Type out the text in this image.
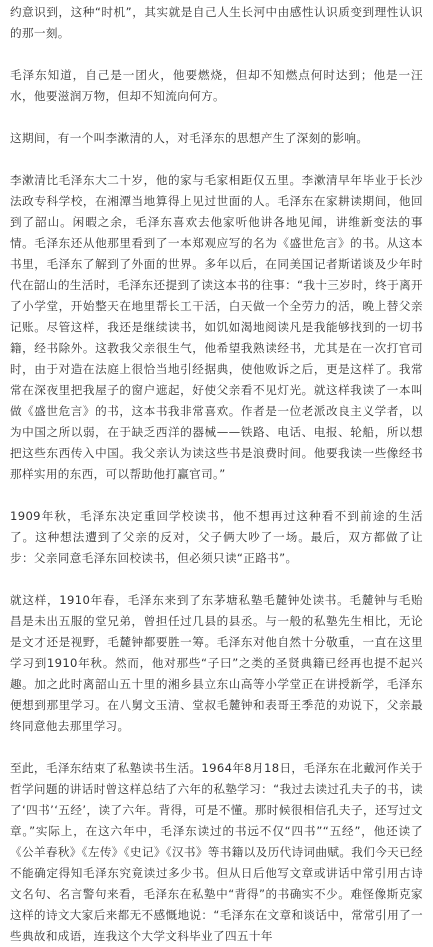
约意识到，这种“时机”，其实就是自己人生长河中由感性认识质变到理性认识的那一刻。

毛泽东知道，自己是一团火，他要燃烧，但却不知燃点何时达到；他是一汪水，他要滋润万物，但却不知流向何方。

这期间，有一个叫李漱清的人，对毛泽东的思想产生了深刻的影响。

李漱清比毛泽东大二十岁，他的家与毛家相距仅五里。李漱清早年毕业于长沙法政专科学校，在湘潭当地算得上见过世面的人。毛泽东在家耕读期间，他回到了韶山。闲暇之余，毛泽东喜欢去他家听他讲各地见闻，讲维新变法的事情。毛泽东还从他那里看到了一本郑观应写的名为《盛世危言》的书。从这本书里，毛泽东了解到了外面的世界。多年以后，在同美国记者斯诺谈及少年时代在韶山的生活时，毛泽东还提到了读这本书的往事：“我十三岁时，终于离开了小学堂，开始整天在地里帮长工干活，白天做一个全劳力的活，晚上替父亲记账。尽管这样，我还是继续读书，如饥如渴地阅读凡是我能够找到的一切书籍，经书除外。这教我父亲很生气，他希望我熟读经书，尤其是在一次打官司时，由于对造在法庭上很恰当地引经据典，使他败诉之后，更是这样了。我常常在深夜里把我屋子的窗户遮起，好使父亲看不见灯光。就这样我读了一本叫做《盛世危言》的书，这本书我非常喜欢。作者是一位老派改良主义学者，以为中国之所以弱，在于缺乏西洋的器械——铁路、电话、电报、轮船，所以想把这些东西传入中国。我父亲认为读这些书是浪费时间。他要我读一些像经书那样实用的东西，可以帮助他打赢官司。”

1909年秋，毛泽东决定重回学校读书，他不想再过这种看不到前途的生活了。这种想法遭到了父亲的反对，父子俩大吵了一场。最后，双方都做了让步：父亲同意毛泽东回校读书，但必须只读“正路书”。

就这样，1910年春，毛泽东来到了东茅塘私塾毛麓钟处读书。毛麓钟与毛贻昌是未出五服的堂兄弟，曾担任过几县的县丞。与一般的私塾先生相比，无论是文才还是视野，毛麓钟都要胜一筹。毛泽东对他自然十分敬重，一直在这里学习到1910年秋。然而，他对那些“子曰”之类的圣贤典籍已经再也提不起兴趣。加之此时离韶山五十里的湘乡县立东山高等小学堂正在讲授新学，毛泽东便想到那里学习。在八舅文玉清、堂叔毛麓钟和表哥王季范的劝说下，父亲最终同意他去那里学习。

至此，毛泽东结束了私塾读书生活。1964年8月18日，毛泽东在北戴河作关于哲学问题的讲话时曾这样总结了六年的私塾学习：“我过去读过孔夫子的书，读了‘四书’‘五经’，读了六年。背得，可是不懂。那时候很相信孔夫子，还写过文章。”实际上，在这六年中，毛泽东读过的书远不仅“四书”“五经”，他还读了《公羊春秋》《左传》《史记》《汉书》等书籍以及历代诗词曲赋。我们今天已经不能确定得知毛泽东究竟读过多少书。但从日后他写文章或讲话中常引用古诗文名句、名言警句来看，毛泽东在私塾中“背得”的书确实不少。难怪像斯克家这样的诗文大家后来都无不感慨地说：“毛泽东在文章和谈话中，常常引用了一些典故和成语，连我这个大学文科毕业了四五十年
